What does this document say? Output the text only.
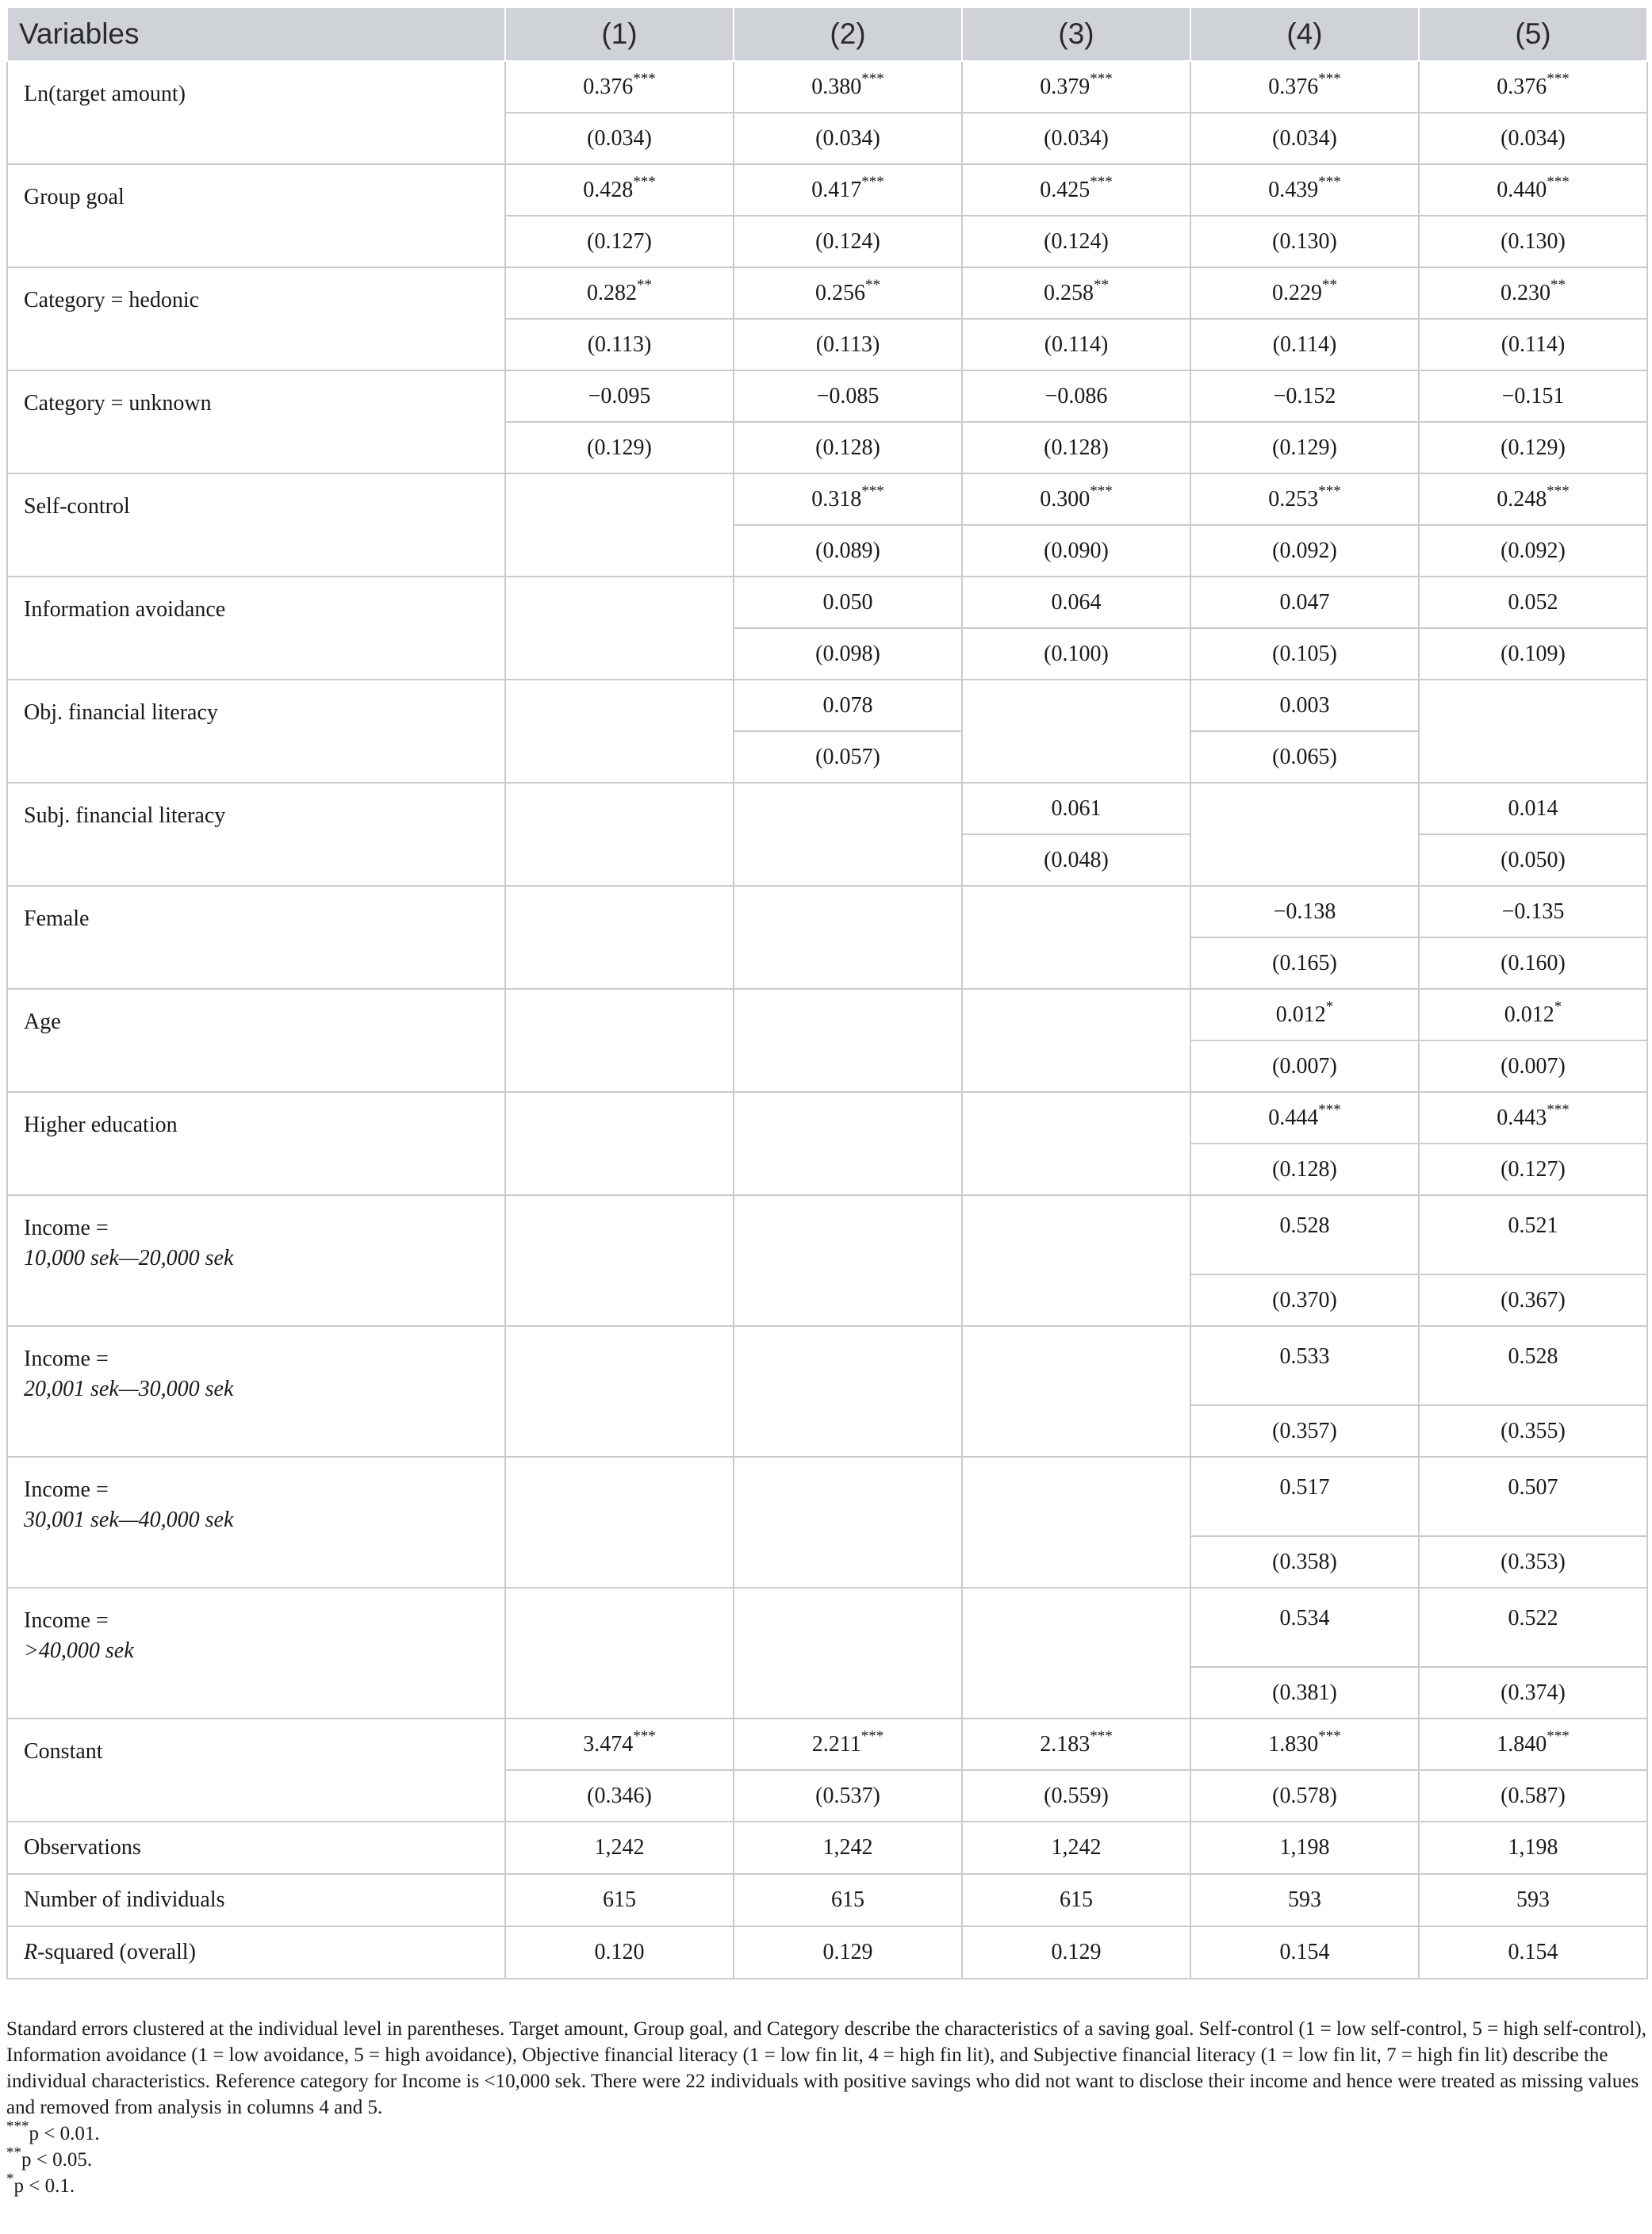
Variables	(1)	(2)	(3)	(4)	(5)
Ln(target amount)	0.376***	0.380***	0.379***	0.376***	0.376***
	(0.034)	(0.034)	(0.034)	(0.034)	(0.034)
Group goal	0.428***	0.417***	0.425***	0.439***	0.440***
	(0.127)	(0.124)	(0.124)	(0.130)	(0.130)
Category = hedonic	0.282**	0.256**	0.258**	0.229**	0.230**
	(0.113)	(0.113)	(0.114)	(0.114)	(0.114)
Category = unknown	−0.095	−0.085	−0.086	−0.152	−0.151
	(0.129)	(0.128)	(0.128)	(0.129)	(0.129)
Self-control		0.318***	0.300***	0.253***	0.248***
		(0.089)	(0.090)	(0.092)	(0.092)
Information avoidance		0.050	0.064	0.047	0.052
		(0.098)	(0.100)	(0.105)	(0.109)
Obj. financial literacy		0.078		0.003	
		(0.057)		(0.065)	
Subj. financial literacy			0.061		0.014
			(0.048)		(0.050)
Female				−0.138	−0.135
				(0.165)	(0.160)
Age				0.012*	0.012*
				(0.007)	(0.007)
Higher education				0.444***	0.443***
				(0.128)	(0.127)
Income =
10,000 sek—20,000 sek				0.528	0.521
				(0.370)	(0.367)
Income =
20,001 sek—30,000 sek				0.533	0.528
				(0.357)	(0.355)
Income =
30,001 sek—40,000 sek				0.517	0.507
				(0.358)	(0.353)
Income =
>40,000 sek				0.534	0.522
				(0.381)	(0.374)
Constant	3.474***	2.211***	2.183***	1.830***	1.840***
	(0.346)	(0.537)	(0.559)	(0.578)	(0.587)
Observations	1,242	1,242	1,242	1,198	1,198
Number of individuals	615	615	615	593	593
R-squared (overall)	0.120	0.129	0.129	0.154	0.154

Standard errors clustered at the individual level in parentheses. Target amount, Group goal, and Category describe the characteristics of a saving goal. Self-control (1 = low self-control, 5 = high self-control), Information avoidance (1 = low avoidance, 5 = high avoidance), Objective financial literacy (1 = low fin lit, 4 = high fin lit), and Subjective financial literacy (1 = low fin lit, 7 = high fin lit) describe the individual characteristics. Reference category for Income is <10,000 sek. There were 22 individuals with positive savings who did not want to disclose their income and hence were treated as missing values and removed from analysis in columns 4 and 5.

***p < 0.01.

**p < 0.05.

*p < 0.1.
